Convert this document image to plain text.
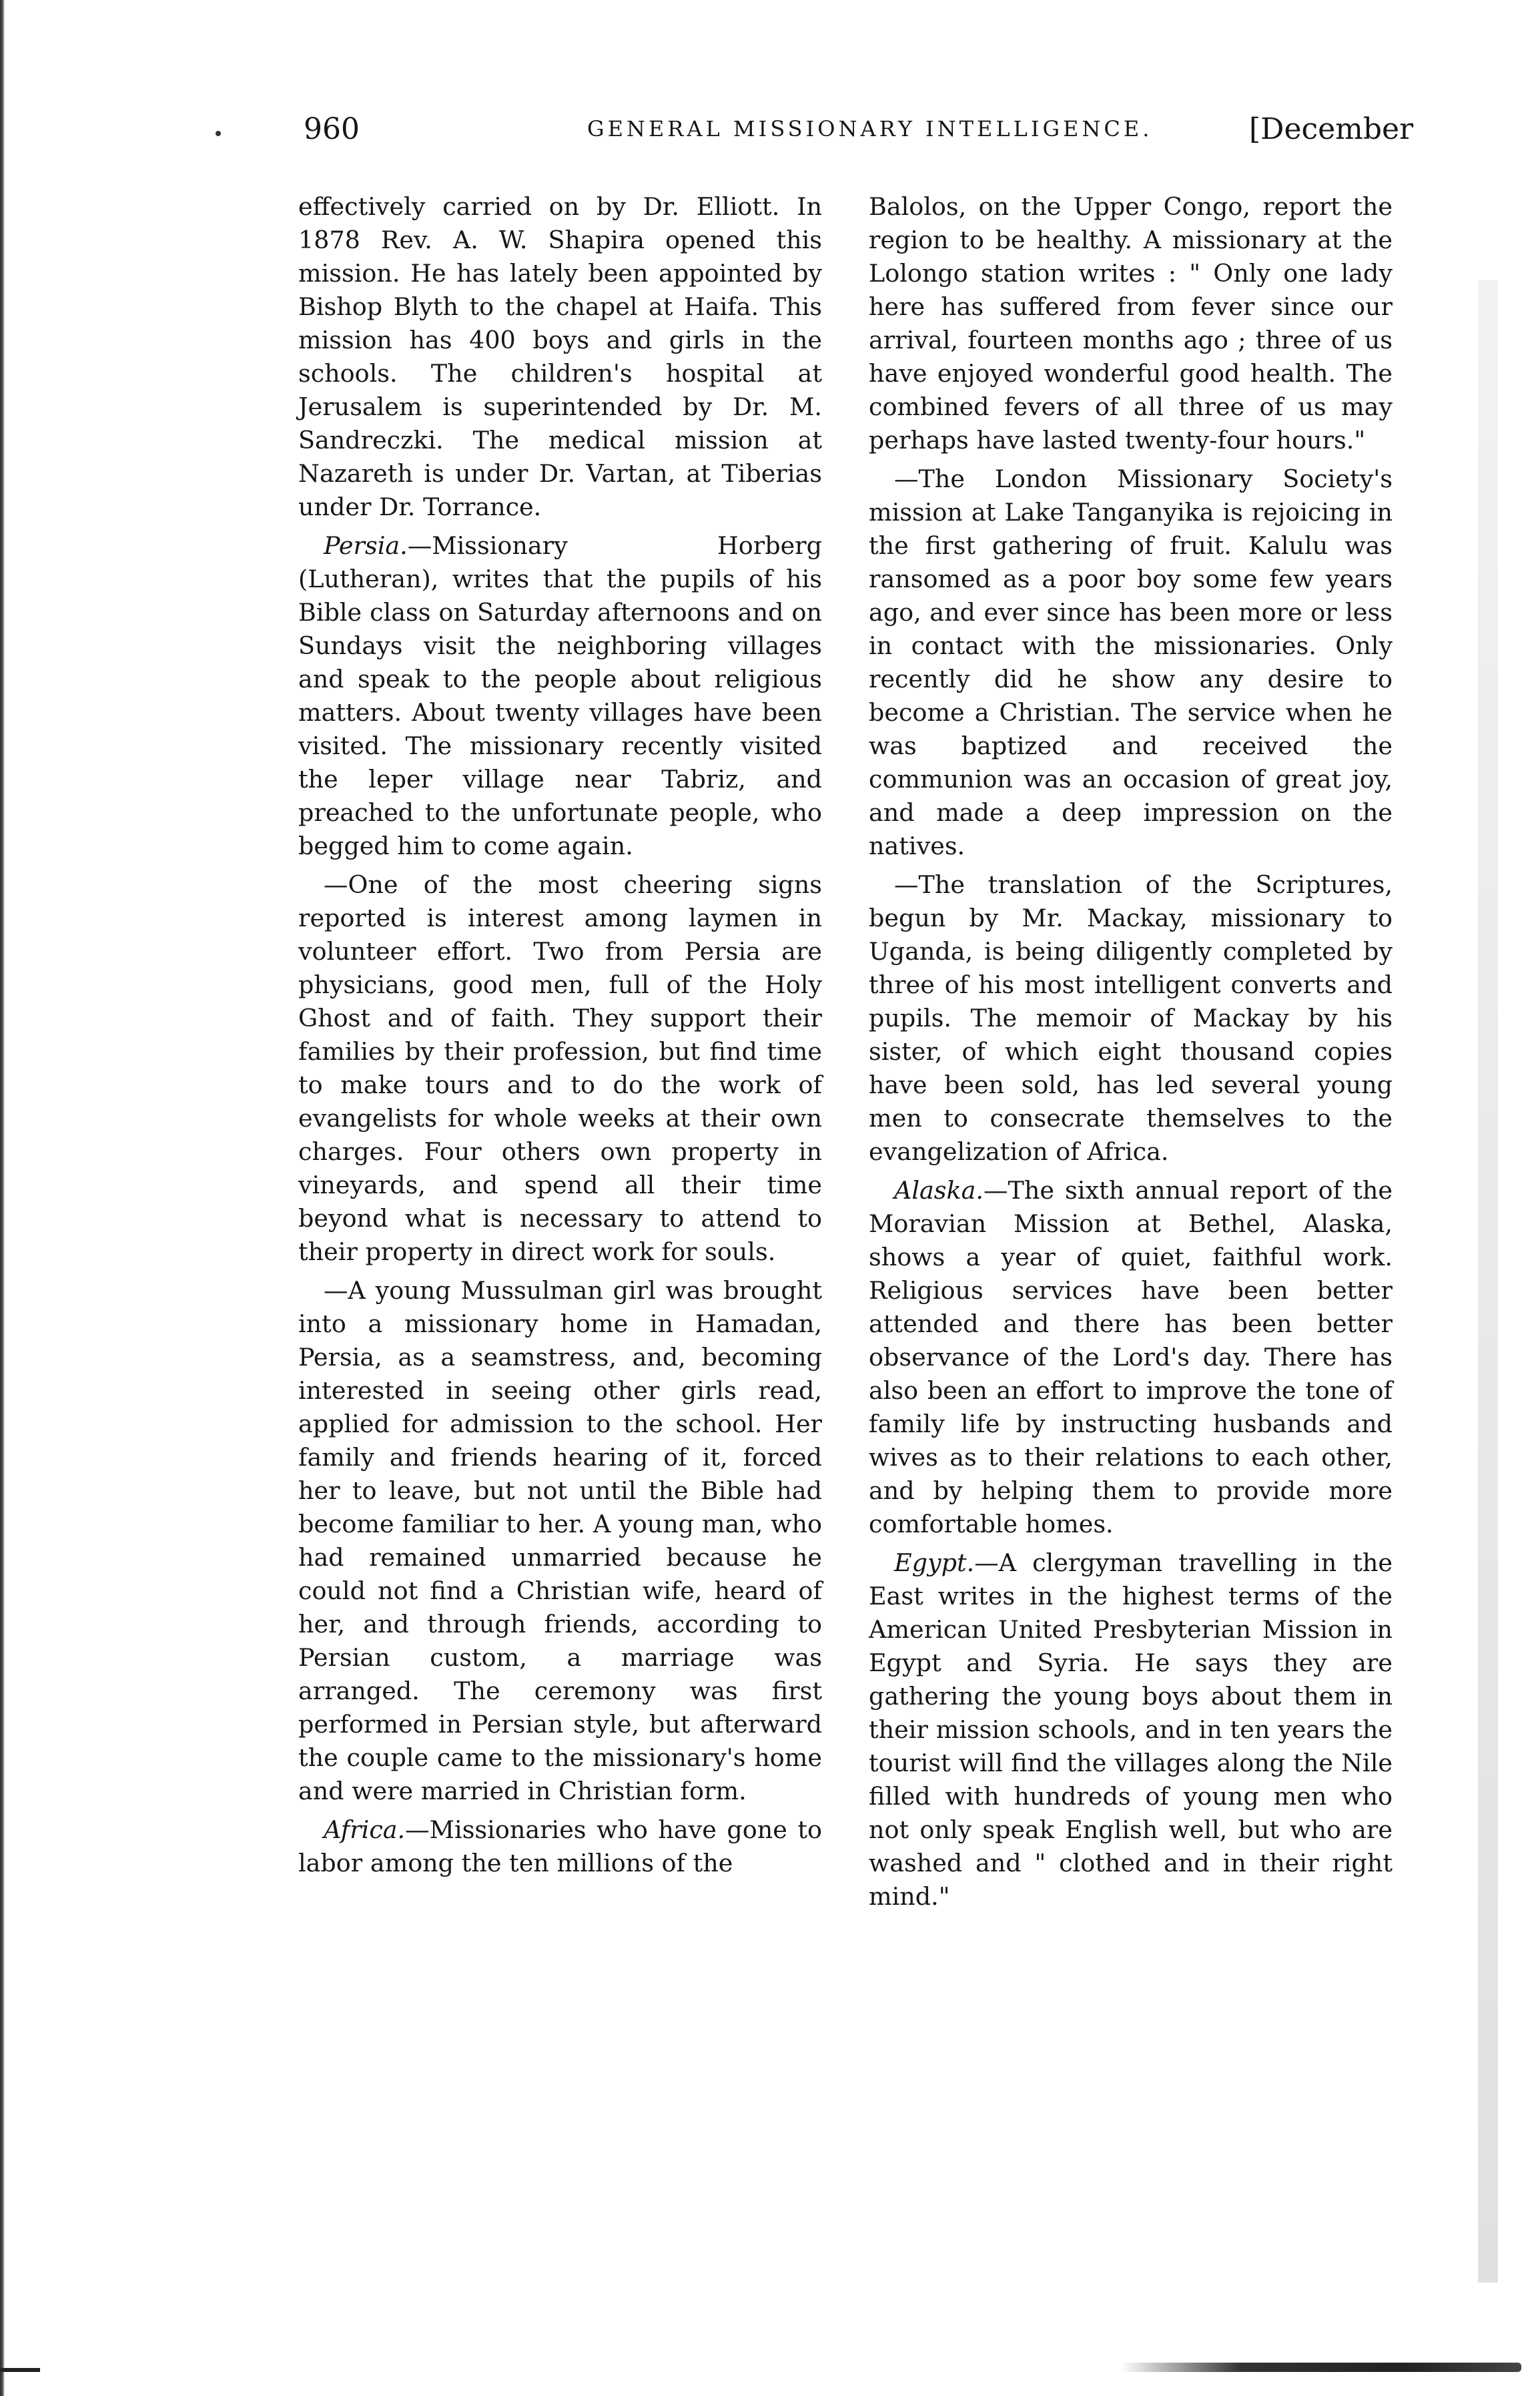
960	GENERAL MISSIONARY INTELLIGENCE.	[December

effectively carried on by Dr. Elliott. In 1878 Rev. A. W. Shapira opened this mission. He has lately been appointed by Bishop Blyth to the chapel at Haifa. This mission has 400 boys and girls in the schools. The children's hospital at Jerusalem is superintended by Dr. M. Sandreczki. The medical mission at Nazareth is under Dr. Vartan, at Tiberias under Dr. Torrance.

Persia.—Missionary Horberg (Lutheran), writes that the pupils of his Bible class on Saturday afternoons and on Sundays visit the neighboring villages and speak to the people about religious matters. About twenty villages have been visited. The missionary recently visited the leper village near Tabriz, and preached to the unfortunate people, who begged him to come again.

—One of the most cheering signs reported is interest among laymen in volunteer effort. Two from Persia are physicians, good men, full of the Holy Ghost and of faith. They support their families by their profession, but find time to make tours and to do the work of evangelists for whole weeks at their own charges. Four others own property in vineyards, and spend all their time beyond what is necessary to attend to their property in direct work for souls.

—A young Mussulman girl was brought into a missionary home in Hamadan, Persia, as a seamstress, and, becoming interested in seeing other girls read, applied for admission to the school. Her family and friends hearing of it, forced her to leave, but not until the Bible had become familiar to her. A young man, who had remained unmarried because he could not find a Christian wife, heard of her, and through friends, according to Persian custom, a marriage was arranged. The ceremony was first performed in Persian style, but afterward the couple came to the missionary's home and were married in Christian form.

Africa.—Missionaries who have gone to labor among the ten millions of the

Balolos, on the Upper Congo, report the region to be healthy. A missionary at the Lolongo station writes : " Only one lady here has suffered from fever since our arrival, fourteen months ago ; three of us have enjoyed wonderful good health. The combined fevers of all three of us may perhaps have lasted twenty-four hours."

—The London Missionary Society's mission at Lake Tanganyika is rejoicing in the first gathering of fruit. Kalulu was ransomed as a poor boy some few years ago, and ever since has been more or less in contact with the missionaries. Only recently did he show any desire to become a Christian. The service when he was baptized and received the communion was an occasion of great joy, and made a deep impression on the natives.

—The translation of the Scriptures, begun by Mr. Mackay, missionary to Uganda, is being diligently completed by three of his most intelligent converts and pupils. The memoir of Mackay by his sister, of which eight thousand copies have been sold, has led several young men to consecrate themselves to the evangelization of Africa.

Alaska.—The sixth annual report of the Moravian Mission at Bethel, Alaska, shows a year of quiet, faithful work. Religious services have been better attended and there has been better observance of the Lord's day. There has also been an effort to improve the tone of family life by instructing husbands and wives as to their relations to each other, and by helping them to provide more comfortable homes.

Egypt.—A clergyman travelling in the East writes in the highest terms of the American United Presbyterian Mission in Egypt and Syria. He says they are gathering the young boys about them in their mission schools, and in ten years the tourist will find the villages along the Nile filled with hundreds of young men who not only speak English well, but who are washed and " clothed and in their right mind."
